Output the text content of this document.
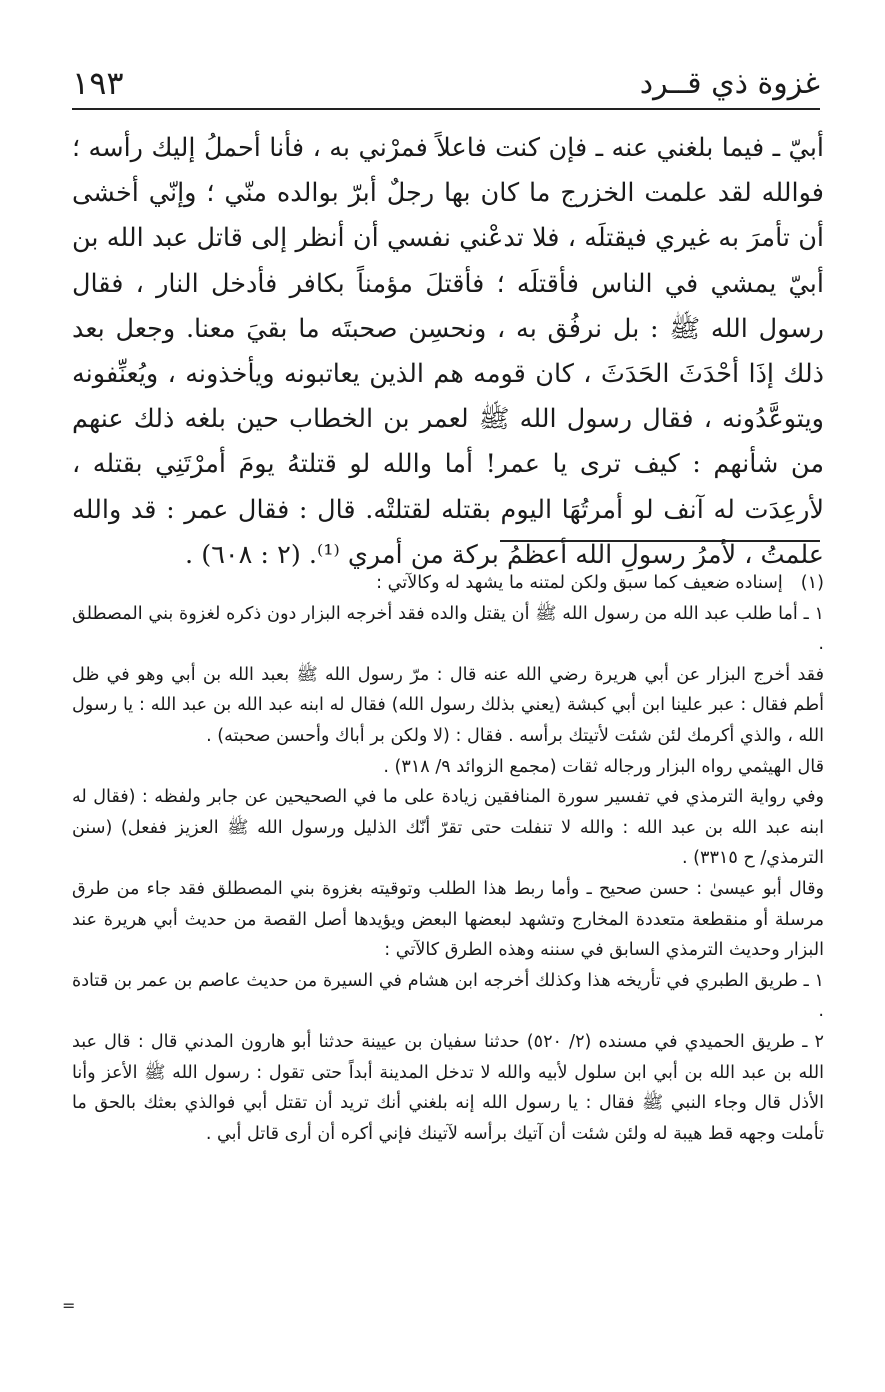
غزوة ذي قــرد
١٩٣

أبيّ ـ فيما بلغني عنه ـ فإن كنت فاعلاً فمرْني به ، فأنا أحملُ إليك رأسه ؛ فوالله لقد علمت الخزرج ما كان بها رجلٌ أبرّ بوالده منّي ؛ وإنّي أخشى أن تأمرَ به غيري فيقتلَه ، فلا تدعْني نفسي أن أنظر إلى قاتل عبد الله بن أبيّ يمشي في الناس فأقتلَه ؛ فأقتلَ مؤمناً بكافر فأدخل النار ، فقال رسول الله ﷺ : بل نرفُق به ، ونحسِن صحبتَه ما بقيَ معنا. وجعل بعد ذلك إذَا أحْدَثَ الحَدَثَ ، كان قومه هم الذين يعاتبونه ويأخذونه ، ويُعنِّفونه ويتوعَّدُونه ، فقال رسول الله ﷺ لعمر بن الخطاب حين بلغه ذلك عنهم من شأنهم : كيف ترى يا عمر! أما والله لو قتلتهُ يومَ أمرْتَنِي بقتله ، لأرعِدَت له آنف لو أمرتُهَا اليوم بقتله لقتلتْه. قال : فقال عمر : قد والله علمتُ ، لأمرُ رسولِ الله أعظمُ بركة من أمري ⁽¹⁾. (٢ : ٦٠٨) .

(١)

إسناده ضعيف كما سبق ولكن لمتنه ما يشهد له وكالآتي :

١ ـ أما طلب عبد الله من رسول الله ﷺ أن يقتل والده فقد أخرجه البزار دون ذكره لغزوة بني المصطلق .

فقد أخرج البزار عن أبي هريرة رضي الله عنه قال : مرّ رسول الله ﷺ بعبد الله بن أبي وهو في ظل أطم فقال : عبر علينا ابن أبي كبشة (يعني بذلك رسول الله) فقال له ابنه عبد الله بن عبد الله : يا رسول الله ، والذي أكرمك لئن شئت لأتيتك برأسه . فقال : (لا ولكن بر أباك وأحسن صحبته) .

قال الهيثمي رواه البزار ورجاله ثقات (مجمع الزوائد ٩/ ٣١٨) .

وفي رواية الترمذي في تفسير سورة المنافقين زيادة على ما في الصحيحين عن جابر ولفظه : (فقال له ابنه عبد الله بن عبد الله : والله لا تنفلت حتى تقرّ أنّك الذليل ورسول الله ﷺ العزيز ففعل) (سنن الترمذي/ ح ٣٣١٥) .

وقال أبو عيسىٰ : حسن صحيح ـ وأما ربط هذا الطلب وتوقيته بغزوة بني المصطلق فقد جاء من طرق مرسلة أو منقطعة متعددة المخارج وتشهد لبعضها البعض ويؤيدها أصل القصة من حديث أبي هريرة عند البزار وحديث الترمذي السابق في سننه وهذه الطرق كالآتي :

١ ـ طريق الطبري في تأريخه هذا وكذلك أخرجه ابن هشام في السيرة من حديث عاصم بن عمر بن قتادة .

٢ ـ طريق الحميدي في مسنده (٢/ ٥٢٠) حدثنا سفيان بن عيينة حدثنا أبو هارون المدني قال : قال عبد الله بن عبد الله بن أبي ابن سلول لأبيه والله لا تدخل المدينة أبداً حتى تقول : رسول الله ﷺ الأعز وأنا الأذل قال وجاء النبي ﷺ فقال : يا رسول الله إنه بلغني أنك تريد أن تقتل أبي فوالذي بعثك بالحق ما تأملت وجهه قط هيبة له ولئن شئت أن آتيك برأسه لآتينك فإني أكره أن أرى قاتل أبي .

=
